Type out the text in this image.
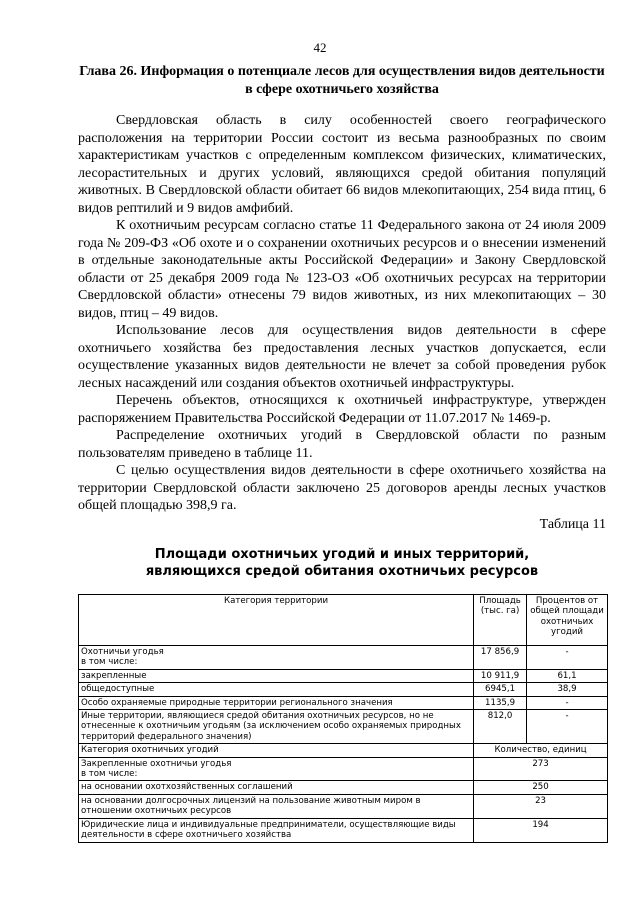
42
Глава 26. Информация о потенциале лесов для осуществления видов деятельности в сфере охотничьего хозяйства

Свердловская область в силу особенностей своего географического расположения на территории России состоит из весьма разнообразных по своим характеристикам участков с определенным комплексом физических, климатических, лесорастительных и других условий, являющихся средой обитания популяций животных. В Свердловской области обитает 66 видов млекопитающих, 254 вида птиц, 6 видов рептилий и 9 видов амфибий.

К охотничьим ресурсам согласно статье 11 Федерального закона от 24 июля 2009 года № 209-ФЗ «Об охоте и о сохранении охотничьих ресурсов и о внесении изменений в отдельные законодательные акты Российской Федерации» и Закону Свердловской области от 25 декабря 2009 года № 123-ОЗ «Об охотничьих ресурсах на территории Свердловской области» отнесены 79 видов животных, из них млекопитающих – 30 видов, птиц – 49 видов.

Использование лесов для осуществления видов деятельности в сфере охотничьего хозяйства без предоставления лесных участков допускается, если осуществление указанных видов деятельности не влечет за собой проведения рубок лесных насаждений или создания объектов охотничьей инфраструктуры.

Перечень объектов, относящихся к охотничьей инфраструктуре, утвержден распоряжением Правительства Российской Федерации от 11.07.2017 № 1469-р.

Распределение охотничьих угодий в Свердловской области по разным пользователям приведено в таблице 11.

С целью осуществления видов деятельности в сфере охотничьего хозяйства на территории Свердловской области заключено 25 договоров аренды лесных участков общей площадью 398,9 га.

Таблица 11
Площади охотничьих угодий и иных территорий, являющихся средой обитания охотничьих ресурсов
Категория территории	Площадь (тыс. га)	Процентов от общей площади охотничьих угодий
Охотничьи угодья
в том числе:	17 856,9	-
закрепленные	10 911,9	61,1
общедоступные	6945,1	38,9
Особо охраняемые природные территории регионального значения	1135,9	-
Иные территории, являющиеся средой обитания охотничьих ресурсов, но не отнесенные к охотничьим угодьям (за исключением особо охраняемых природных территорий федерального значения)	812,0	-
Категория охотничьих угодий	Количество, единиц	
Закрепленные охотничьи угодья
в том числе:	273	
на основании охотхозяйственных соглашений	250	
на основании долгосрочных лицензий на пользование животным миром в отношении охотничьих ресурсов	23	
Юридические лица и индивидуальные предприниматели, осуществляющие виды деятельности в сфере охотничьего хозяйства	194	
